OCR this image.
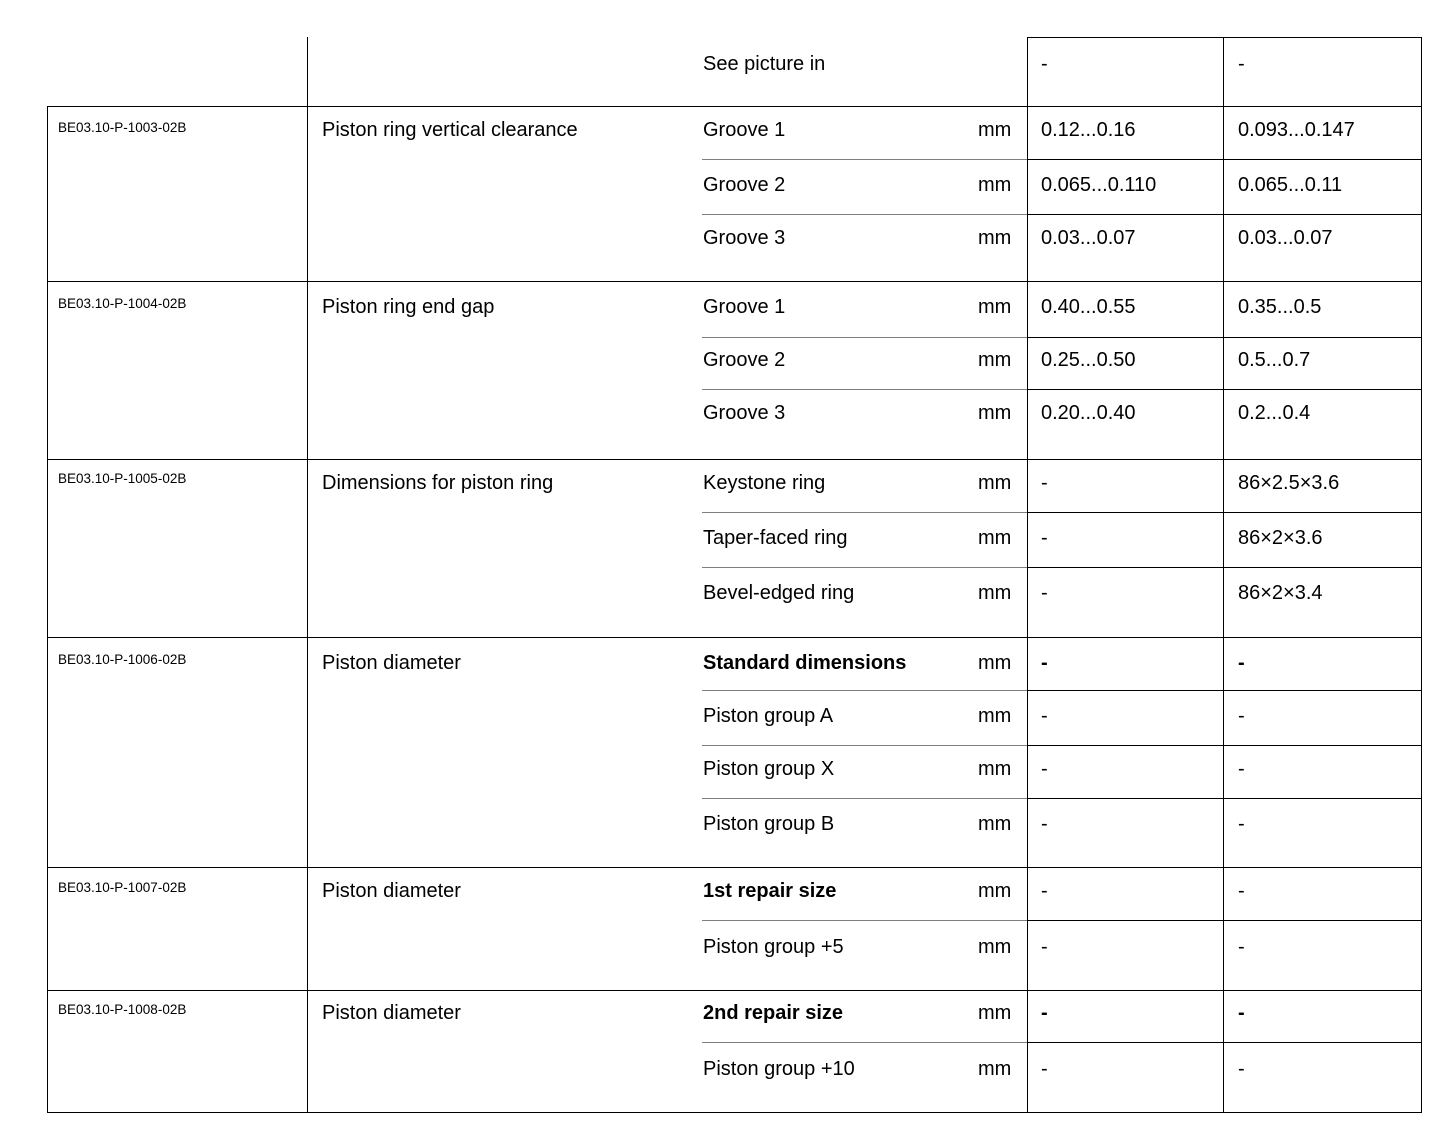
See picture in	-	-
BE03.10-P-1003-02B	Piston ring vertical clearance	Groove 1	mm 0.12...0.16	0.093...0.147
Groove 2	mm 0.065...0.110	0.065...0.11
Groove 3	mm 0.03...0.07	0.03...0.07
BE03.10-P-1004-02B	Piston ring end gap	Groove 1	mm 0.40...0.55	0.35...0.5
Groove 2	mm 0.25...0.50	0.5...0.7
Groove 3	mm 0.20...0.40	0.2...0.4
BE03.10-P-1005-02B	Dimensions for piston ring	Keystone ring	mm -	86×2.5×3.6
Taper-faced ring	mm -	86×2×3.6
Bevel-edged ring	mm -	86×2×3.4
BE03.10-P-1006-02B	Piston diameter	Standard dimensions	mm -	-
Piston group A	mm -	-
Piston group X	mm -	-
Piston group B	mm -	-
BE03.10-P-1007-02B	Piston diameter	1st repair size	mm -	-
Piston group +5	mm -	-
BE03.10-P-1008-02B	Piston diameter	2nd repair size	mm -	-
Piston group +10	mm -	-
